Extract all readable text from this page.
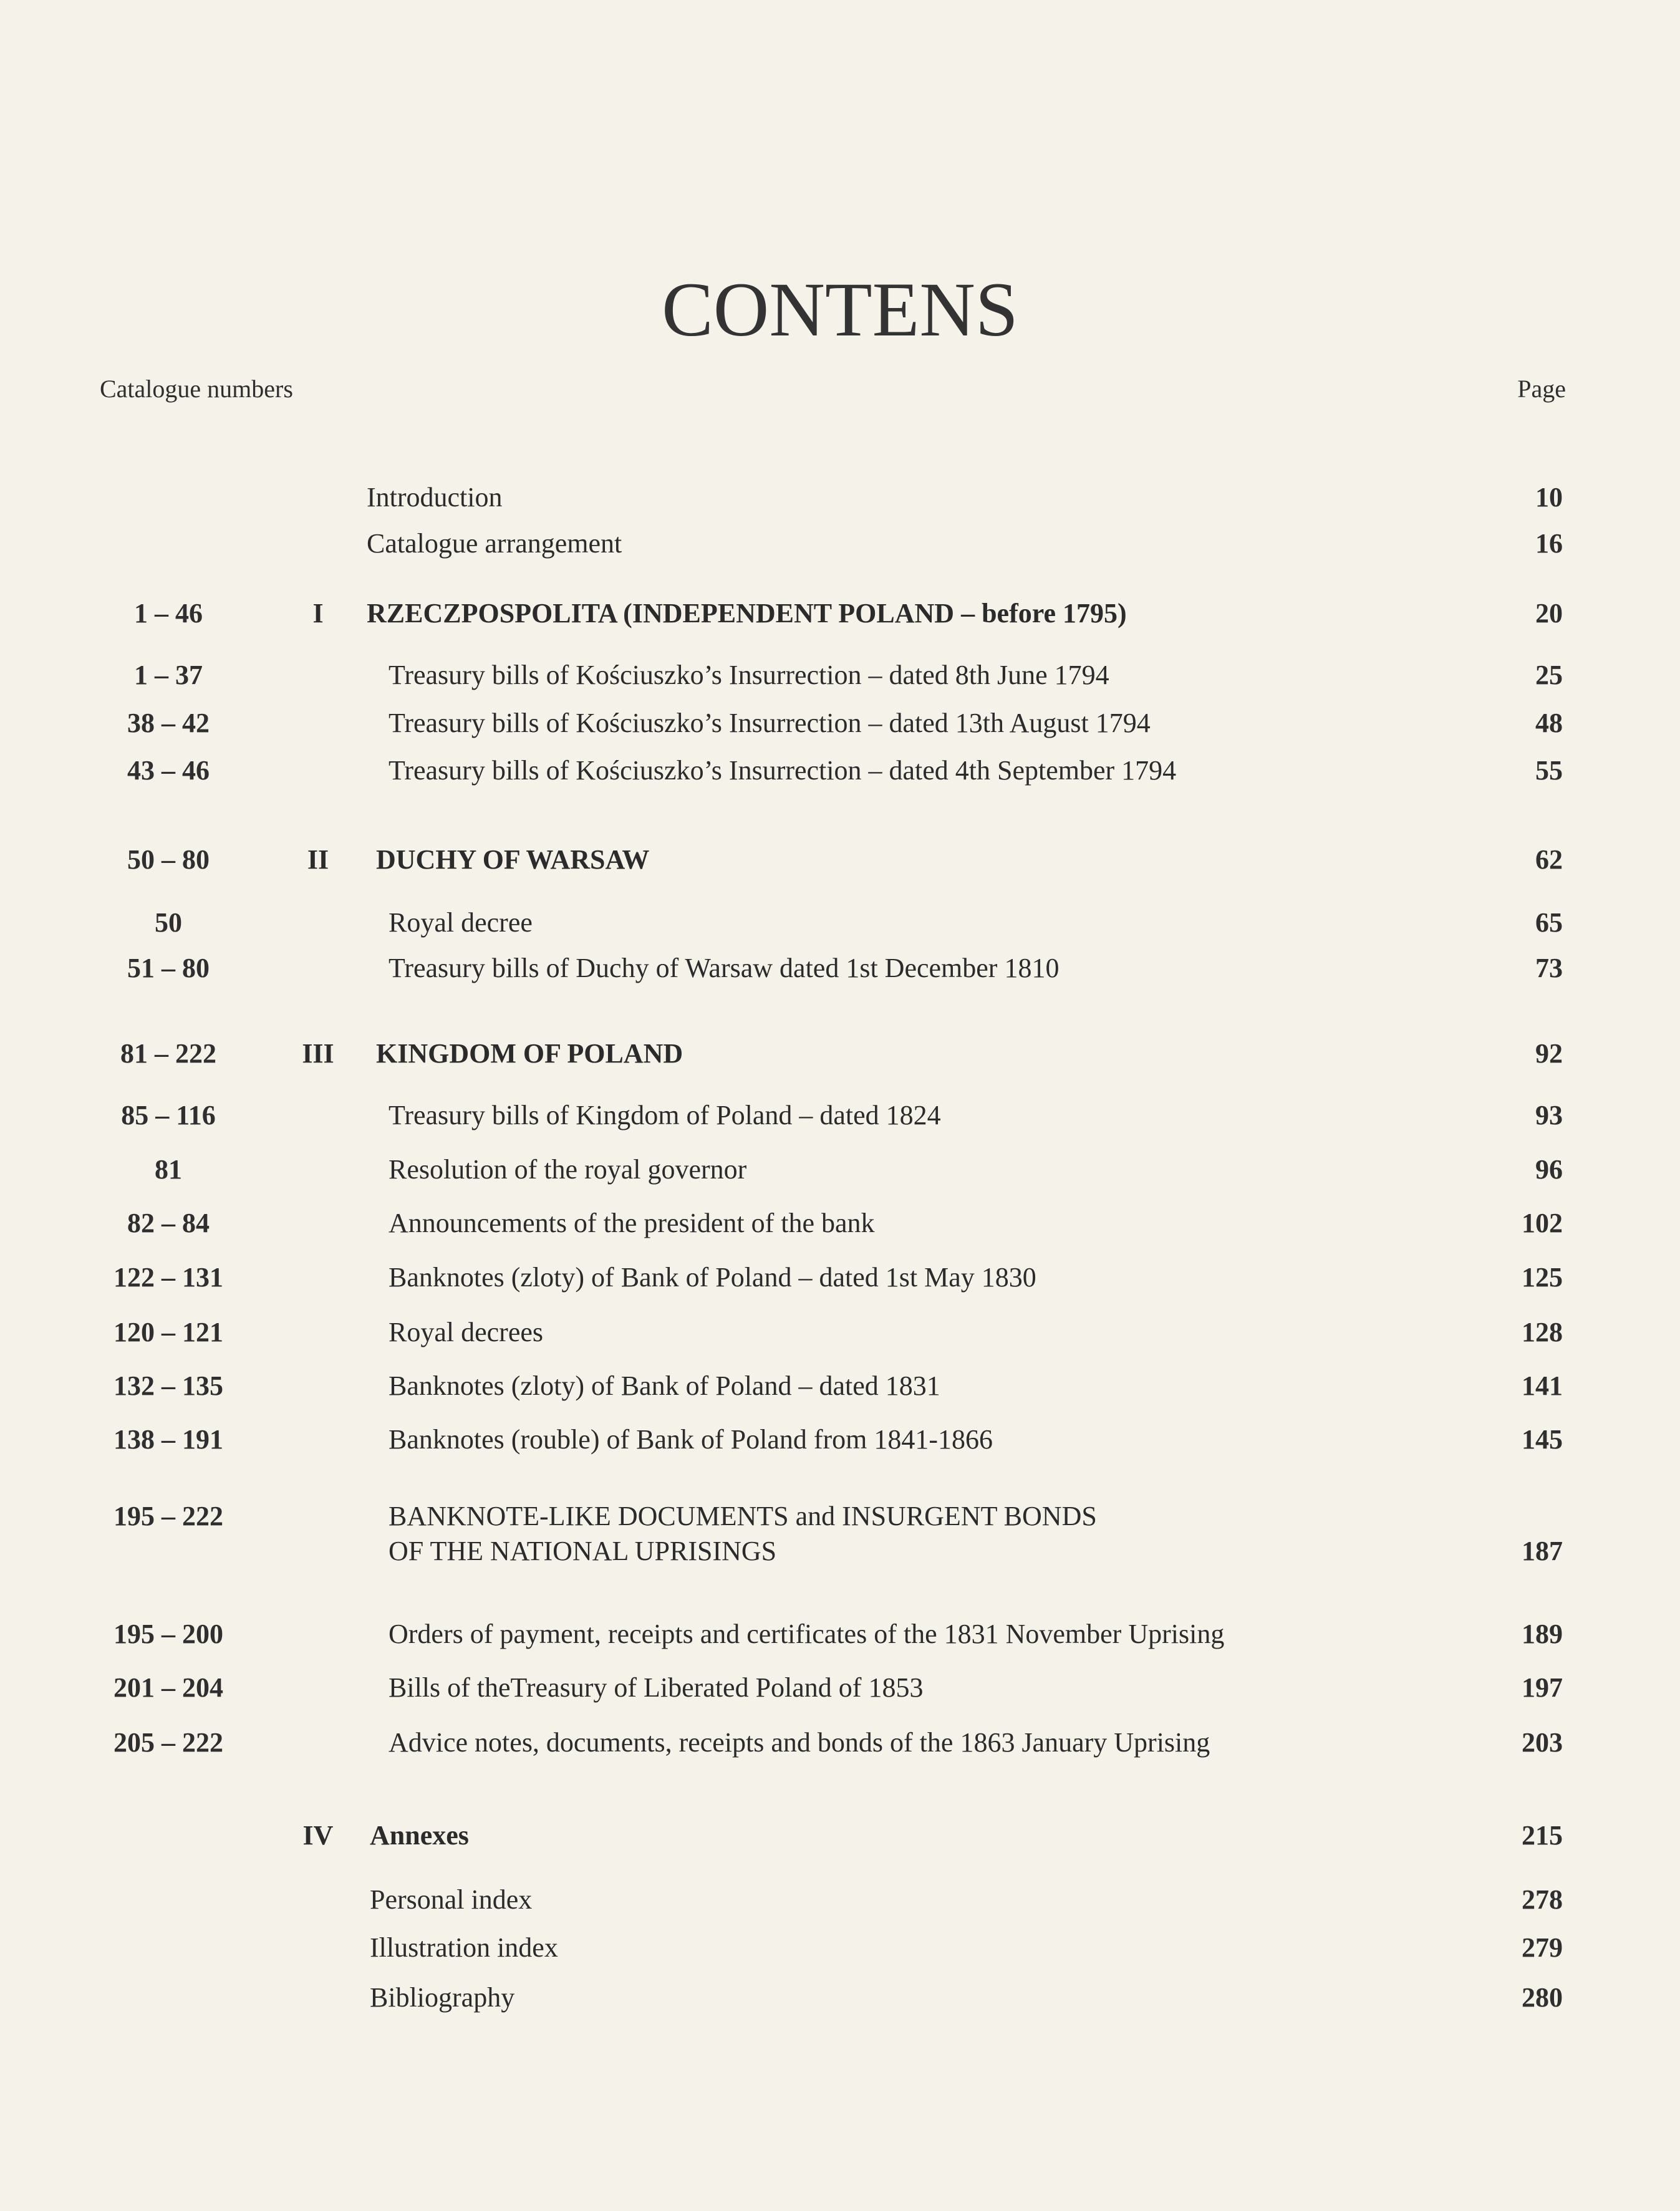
CONTENS
Catalogue numbers	Page
Introduction	10
Catalogue arrangement	16
1 – 46	I	RZECZPOSPOLITA (INDEPENDENT POLAND – before 1795)	20
1 – 37	Treasury bills of Kościuszko’s Insurrection – dated 8th June 1794	25
38 – 42	Treasury bills of Kościuszko’s Insurrection – dated 13th August 1794	48
43 – 46	Treasury bills of Kościuszko’s Insurrection – dated 4th September 1794	55
50 – 80	II	DUCHY OF WARSAW	62
50	Royal decree	65
51 – 80	Treasury bills of Duchy of Warsaw dated 1st December 1810	73
81 – 222	III	KINGDOM OF POLAND	92
85 – 116	Treasury bills of Kingdom of Poland – dated 1824	93
81	Resolution of the royal governor	96
82 – 84	Announcements of the president of the bank	102
122 – 131	Banknotes (zloty) of Bank of Poland – dated 1st May 1830	125
120 – 121	Royal decrees	128
132 – 135	Banknotes (zloty) of Bank of Poland – dated 1831	141
138 – 191	Banknotes (rouble) of Bank of Poland from 1841-1866	145
195 – 222	BANKNOTE-LIKE DOCUMENTS and INSURGENT BONDS
OF THE NATIONAL UPRISINGS	187
195 – 200	Orders of payment, receipts and certificates of the 1831 November Uprising	189
201 – 204	Bills of theTreasury of Liberated Poland of 1853	197
205 – 222	Advice notes, documents, receipts and bonds of the 1863 January Uprising	203
IV	Annexes	215
Personal index	278
Illustration index	279
Bibliography	280
